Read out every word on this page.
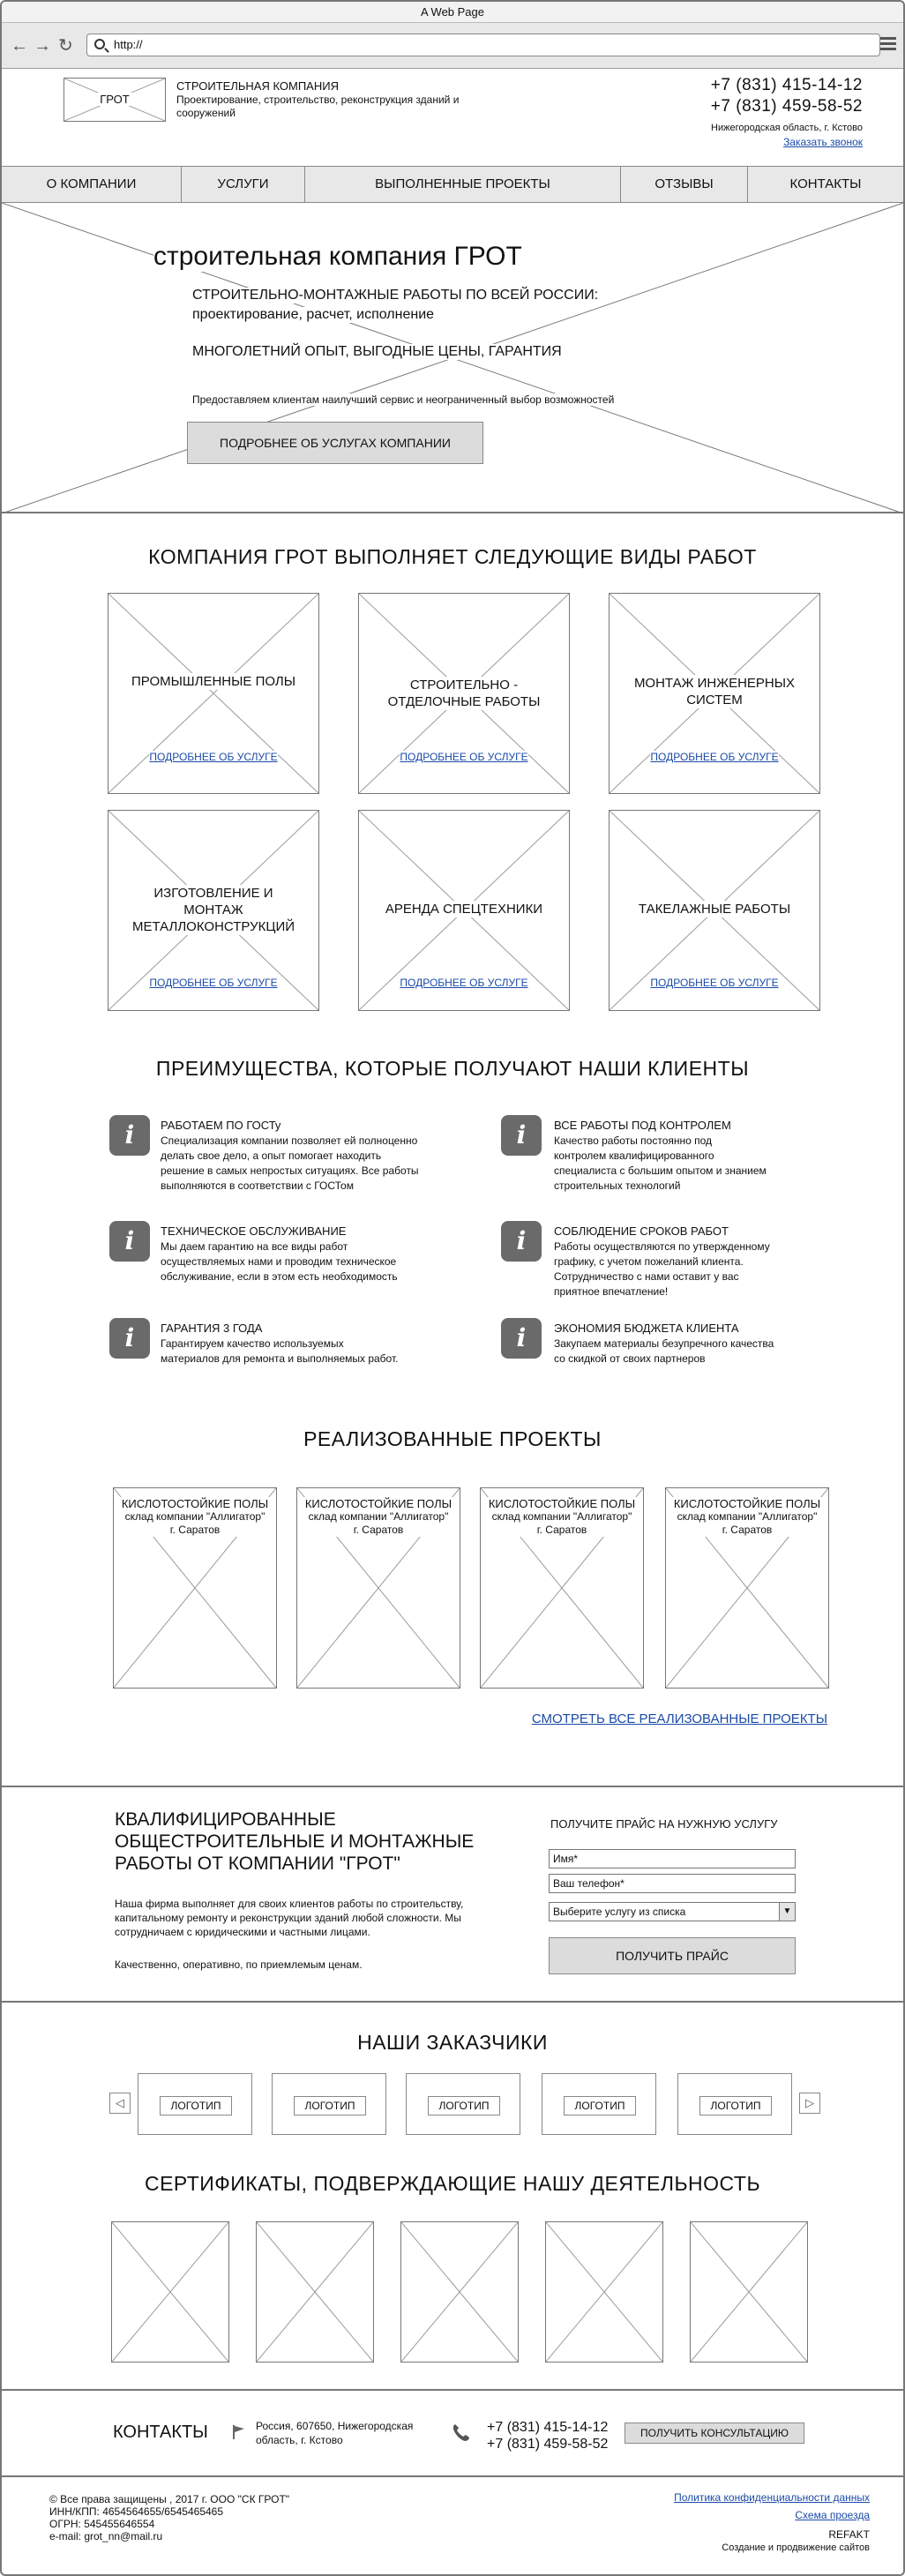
A Web Page
← → ↻	http://
ГРОТ
СТРОИТЕЛЬНАЯ КОМПАНИЯ
Проектирование, строительство, реконструкция зданий и сооружений
+7 (831) 415-14-12
+7 (831) 459-58-52
Нижегородская область, г. Кстово
Заказать звонок
О КОМПАНИИ	УСЛУГИ	ВЫПОЛНЕННЫЕ ПРОЕКТЫ	ОТЗЫВЫ	КОНТАКТЫ
строительная компания ГРОТ
СТРОИТЕЛЬНО-МОНТАЖНЫЕ РАБОТЫ ПО ВСЕЙ РОССИИ:
проектирование, расчет, исполнение
МНОГОЛЕТНИЙ ОПЫТ, ВЫГОДНЫЕ ЦЕНЫ, ГАРАНТИЯ
Предоставляем клиентам наилучший сервис и неограниченный выбор возможностей
ПОДРОБНЕЕ ОБ УСЛУГАХ КОМПАНИИ
КОМПАНИЯ ГРОТ ВЫПОЛНЯЕТ СЛЕДУЮЩИЕ ВИДЫ РАБОТ
ПРОМЫШЛЕННЫЕ ПОЛЫ
ПОДРОБНЕЕ ОБ УСЛУГЕ
СТРОИТЕЛЬНО -
ОТДЕЛОЧНЫЕ РАБОТЫ
ПОДРОБНЕЕ ОБ УСЛУГЕ
МОНТАЖ ИНЖЕНЕРНЫХ
СИСТЕМ
ПОДРОБНЕЕ ОБ УСЛУГЕ
ИЗГОТОВЛЕНИЕ И
МОНТАЖ
МЕТАЛЛОКОНСТРУКЦИЙ
ПОДРОБНЕЕ ОБ УСЛУГЕ
АРЕНДА СПЕЦТЕХНИКИ
ПОДРОБНЕЕ ОБ УСЛУГЕ
ТАКЕЛАЖНЫЕ РАБОТЫ
ПОДРОБНЕЕ ОБ УСЛУГЕ
ПРЕИМУЩЕСТВА, КОТОРЫЕ ПОЛУЧАЮТ НАШИ КЛИЕНТЫ
i	РАБОТАЕМ ПО ГОСТу
Специализация компании позволяет ей полноценно
делать свое дело, а опыт помогает находить
решение в самых непростых ситуациях. Все работы
выполняются в соответствии с ГОСТом
i	ВСЕ РАБОТЫ ПОД КОНТРОЛЕМ
Качество работы постоянно под
контролем квалифицированного
специалиста с большим опытом и знанием
строительных технологий
i	ТЕХНИЧЕСКОЕ ОБСЛУЖИВАНИЕ
Мы даем гарантию на все виды работ
осуществляемых нами и проводим техническое
обслуживание, если в этом есть необходимость
i	СОБЛЮДЕНИЕ СРОКОВ РАБОТ
Работы осуществляются по утвержденному
графику, с учетом пожеланий клиента.
Сотрудничество с нами оставит у вас
приятное впечатление!
i	ГАРАНТИЯ 3 ГОДА
Гарантируем качество используемых
материалов для ремонта и выполняемых работ.
i	ЭКОНОМИЯ БЮДЖЕТА КЛИЕНТА
Закупаем материалы безупречного качества
со скидкой от своих партнеров
РЕАЛИЗОВАННЫЕ ПРОЕКТЫ
КИСЛОТОСТОЙКИЕ ПОЛЫ
склад компании "Аллигатор"
г. Саратов
КИСЛОТОСТОЙКИЕ ПОЛЫ
склад компании "Аллигатор"
г. Саратов
КИСЛОТОСТОЙКИЕ ПОЛЫ
склад компании "Аллигатор"
г. Саратов
КИСЛОТОСТОЙКИЕ ПОЛЫ
склад компании "Аллигатор"
г. Саратов
СМОТРЕТЬ ВСЕ РЕАЛИЗОВАННЫЕ ПРОЕКТЫ
КВАЛИФИЦИРОВАННЫЕ
ОБЩЕСТРОИТЕЛЬНЫЕ И МОНТАЖНЫЕ
РАБОТЫ ОТ КОМПАНИИ "ГРОТ"
Наша фирма выполняет для своих клиентов работы по строительству,
капитальному ремонту и реконструкции зданий любой сложности. Мы
сотрудничаем с юридическими и частными лицами.
Качественно, оперативно, по приемлемым ценам.
ПОЛУЧИТЕ ПРАЙС НА НУЖНУЮ УСЛУГУ
Имя*
Ваш телефон*
Выберите услугу из списка	▼
ПОЛУЧИТЬ ПРАЙС
НАШИ ЗАКАЗЧИКИ
◁	ЛОГОТИП	ЛОГОТИП	ЛОГОТИП	ЛОГОТИП	ЛОГОТИП	▷
СЕРТИФИКАТЫ, ПОДВЕРЖДАЮЩИЕ НАШУ ДЕЯТЕЛЬНОСТЬ
КОНТАКТЫ	Россия, 607650, Нижегородская
область, г. Кстово
+7 (831) 415-14-12
+7 (831) 459-58-52
ПОЛУЧИТЬ КОНСУЛЬТАЦИЮ
© Все права защищены , 2017 г. ООО "СК ГРОТ"
ИНН/КПП: 4654564655/6545465465
ОГРН: 545455646554
e-mail: grot_nn@mail.ru
Политика конфиденциальности данных
Схема проезда
REFAKT
Создание и продвижение сайтов
